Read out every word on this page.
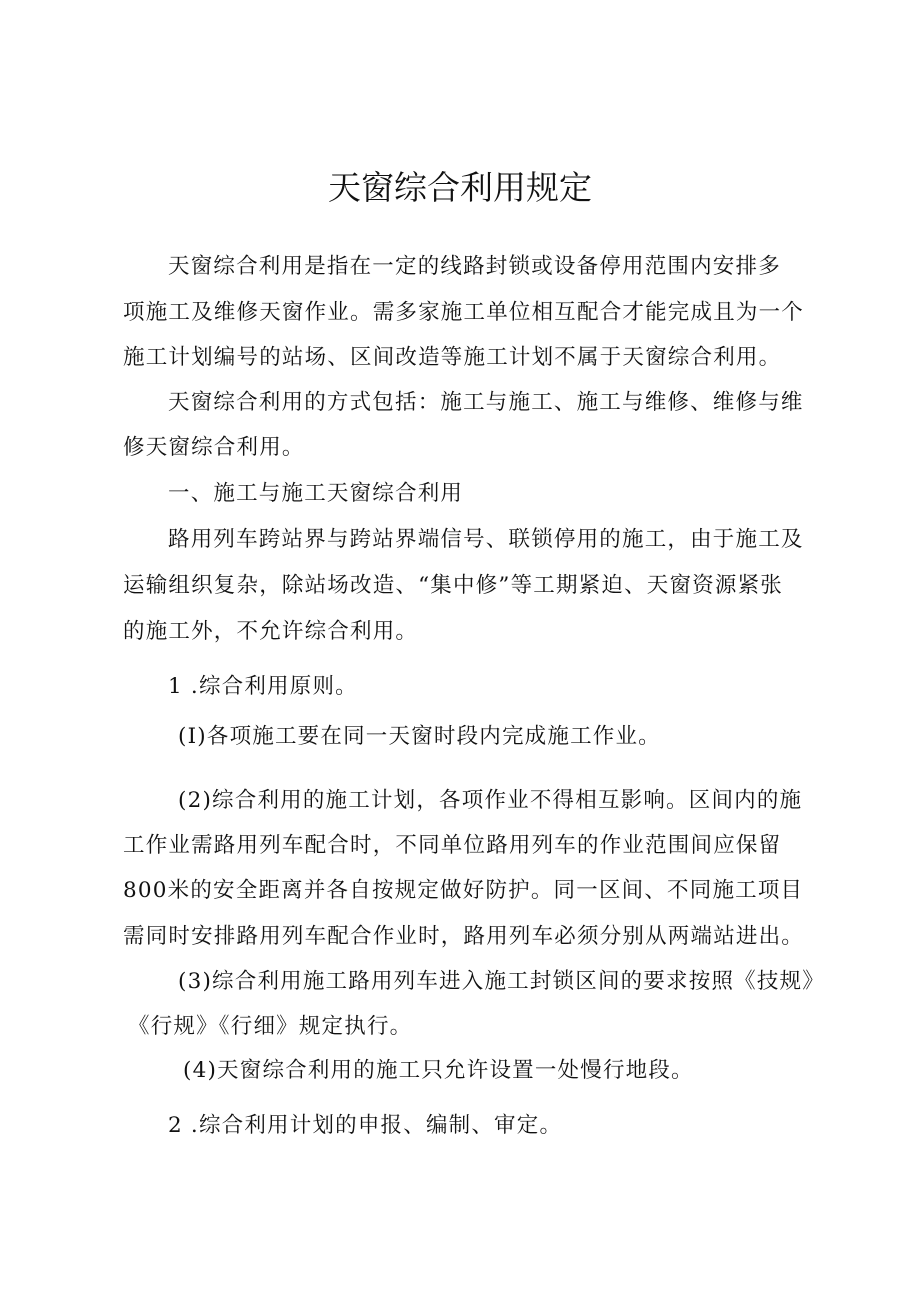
天窗综合利用规定
天窗综合利用是指在一定的线路封锁或设备停用范围内安排多
项施工及维修天窗作业。需多家施工单位相互配合才能完成且为一个
施工计划编号的站场、区间改造等施工计划不属于天窗综合利用。
天窗综合利用的方式包括：施工与施工、施工与维修、维修与维
修天窗综合利用。
一、施工与施工天窗综合利用
路用列车跨站界与跨站界端信号、联锁停用的施工，由于施工及
运输组织复杂，除站场改造、“集中修”等工期紧迫、天窗资源紧张
的施工外，不允许综合利用。
1 .综合利用原则。
(I)各项施工要在同一天窗时段内完成施工作业。
(2)综合利用的施工计划，各项作业不得相互影响。区间内的施
工作业需路用列车配合时，不同单位路用列车的作业范围间应保留
800米的安全距离并各自按规定做好防护。同一区间、不同施工项目
需同时安排路用列车配合作业时，路用列车必须分别从两端站进出。
(3)综合利用施工路用列车进入施工封锁区间的要求按照《技规》
《行规》《行细》规定执行。
(4)天窗综合利用的施工只允许设置一处慢行地段。
2 .综合利用计划的申报、编制、审定。
